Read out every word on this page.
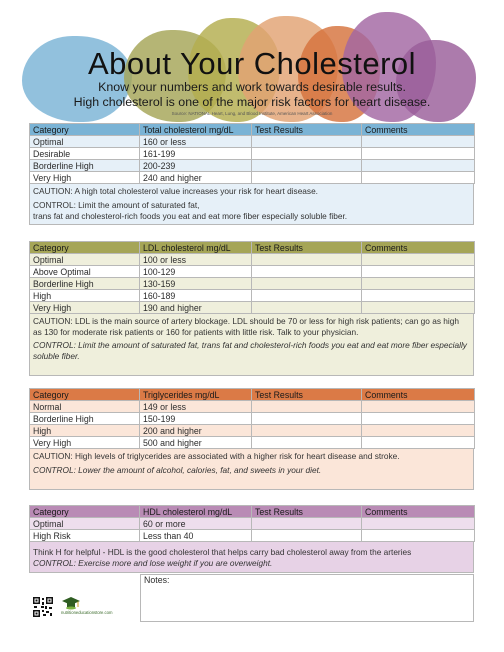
About Your Cholesterol

Know your numbers and work towards desirable results.

High cholesterol is one of the major risk factors for heart disease.

Source: NATIONAL Heart, Lung, and Blood Institute, American Heart Association
Category	Total cholesterol mg/dL	Test Results	Comments
Optimal	160 or less		
Desirable	161-199		
Borderline High	200-239		
Very High	240 and higher		

CAUTION: A high total cholesterol value increases your risk for heart disease.

CONTROL: Limit the amount of saturated fat,

trans fat and cholesterol-rich foods you eat and eat more fiber especially soluble fiber.

Category	LDL cholesterol mg/dL	Test Results	Comments
Optimal	100 or less		
Above Optimal	100-129		
Borderline High	130-159		
High	160-189		
Very High	190 and higher		

CAUTION: LDL is the main source of artery blockage. LDL should be 70 or less for high risk patients; can go as high as 130 for moderate risk patients or 160 for patients with little risk. Talk to your physician.

CONTROL: Limit the amount of saturated fat, trans fat and cholesterol-rich foods you eat and eat more fiber especially soluble fiber.

Category	Triglycerides mg/dL	Test Results	Comments
Normal	149 or less		
Borderline High	150-199		
High	200 and higher		
Very High	500 and higher		

CAUTION: High levels of triglycerides are associated with a higher risk for heart disease and stroke.

CONTROL: Lower the amount of alcohol, calories, fat, and sweets in your diet.

Category	HDL cholesterol mg/dL	Test Results	Comments
Optimal	60 or more		
High Risk	Less than 40		

Think H for helpful - HDL is the good cholesterol that helps carry bad cholesterol away from the arteries

CONTROL: Exercise more and lose weight if you are overweight.

nutritioneducationstore.com
Notes:
